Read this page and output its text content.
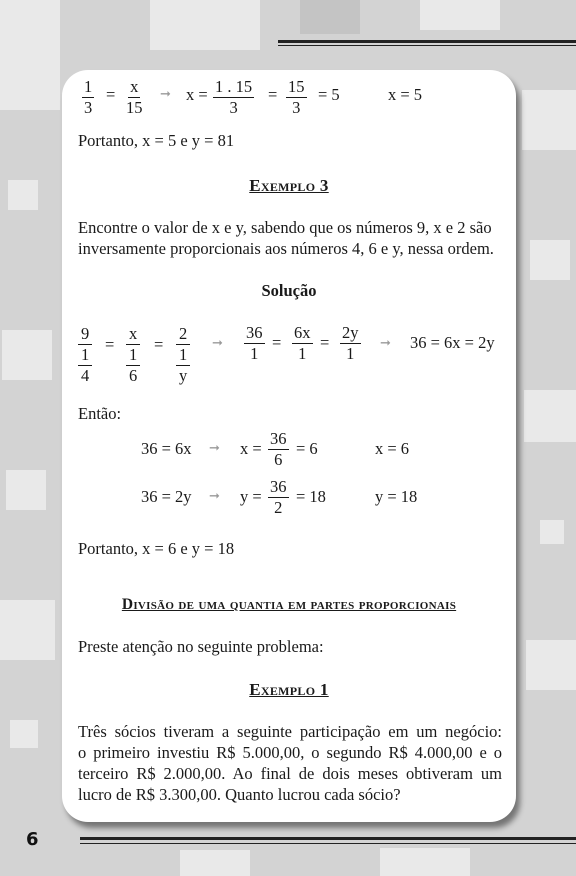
$\frac{1}{3} = \frac{x}{15}$ ➞ $x = \frac{1 . 15}{3} = \frac{15}{3} = 5$	x = 5
Portanto, x = 5 e y = 81
Exemplo 3
Encontre o valor de x e y, sabendo que os números 9, x e 2 são
inversamente proporcionais aos números 4, 6 e y, nessa ordem.
Solução
9
1
4
=
x
1
6
=
2
1
y
➞ $\frac{36}{1} = \frac{6x}{1} = \frac{2y}{1}$ ➞ 36 = 6x = 2y
Então:
36 = 6x ➞ $x = \frac{36}{6} = 6$	x = 6
36 = 2y ➞ $y = \frac{36}{2} = 18$	y = 18
Portanto, x = 6 e y = 18
Divisão de uma quantia em partes proporcionais
Preste atenção no seguinte problema:
Exemplo 1
Três sócios tiveram a seguinte participação em um negócio:
o primeiro investiu R$ 5.000,00, o segundo R$ 4.000,00 e o
terceiro R$ 2.000,00. Ao final de dois meses obtiveram um
lucro de R$ 3.300,00. Quanto lucrou cada sócio?
6
